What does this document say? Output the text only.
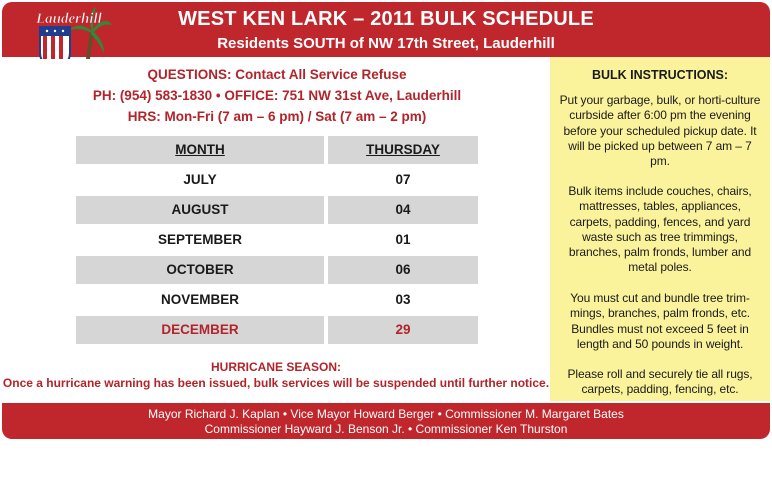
WEST KEN LARK – 2011 BULK SCHEDULE
Residents SOUTH of NW 17th Street, Lauderhill
Lauderhill
QUESTIONS: Contact All Service Refuse
PH: (954) 583-1830 • OFFICE: 751 NW 31st Ave, Lauderhill
HRS: Mon-Fri (7 am – 6 pm) / Sat (7 am – 2 pm)
MONTH	THURSDAY
JULY	07
AUGUST	04
SEPTEMBER	01
OCTOBER	06
NOVEMBER	03
DECEMBER	29
HURRICANE SEASON:
Once a hurricane warning has been issued, bulk services will be suspended until further notice.
BULK INSTRUCTIONS:
Put your garbage, bulk, or horti-culture curbside after 6:00 pm the evening before your scheduled pickup date. It will be picked up between 7 am – 7 pm.
Bulk items include couches, chairs, mattresses, tables, appliances, carpets, padding, fences, and yard waste such as tree trimmings, branches, palm fronds, lumber and metal poles.
You must cut and bundle tree trim-mings, branches, palm fronds, etc. Bundles must not exceed 5 feet in length and 50 pounds in weight.
Please roll and securely tie all rugs, carpets, padding, fencing, etc.
Mayor Richard J. Kaplan • Vice Mayor Howard Berger • Commissioner M. Margaret Bates
Commissioner Hayward J. Benson Jr. • Commissioner Ken Thurston
